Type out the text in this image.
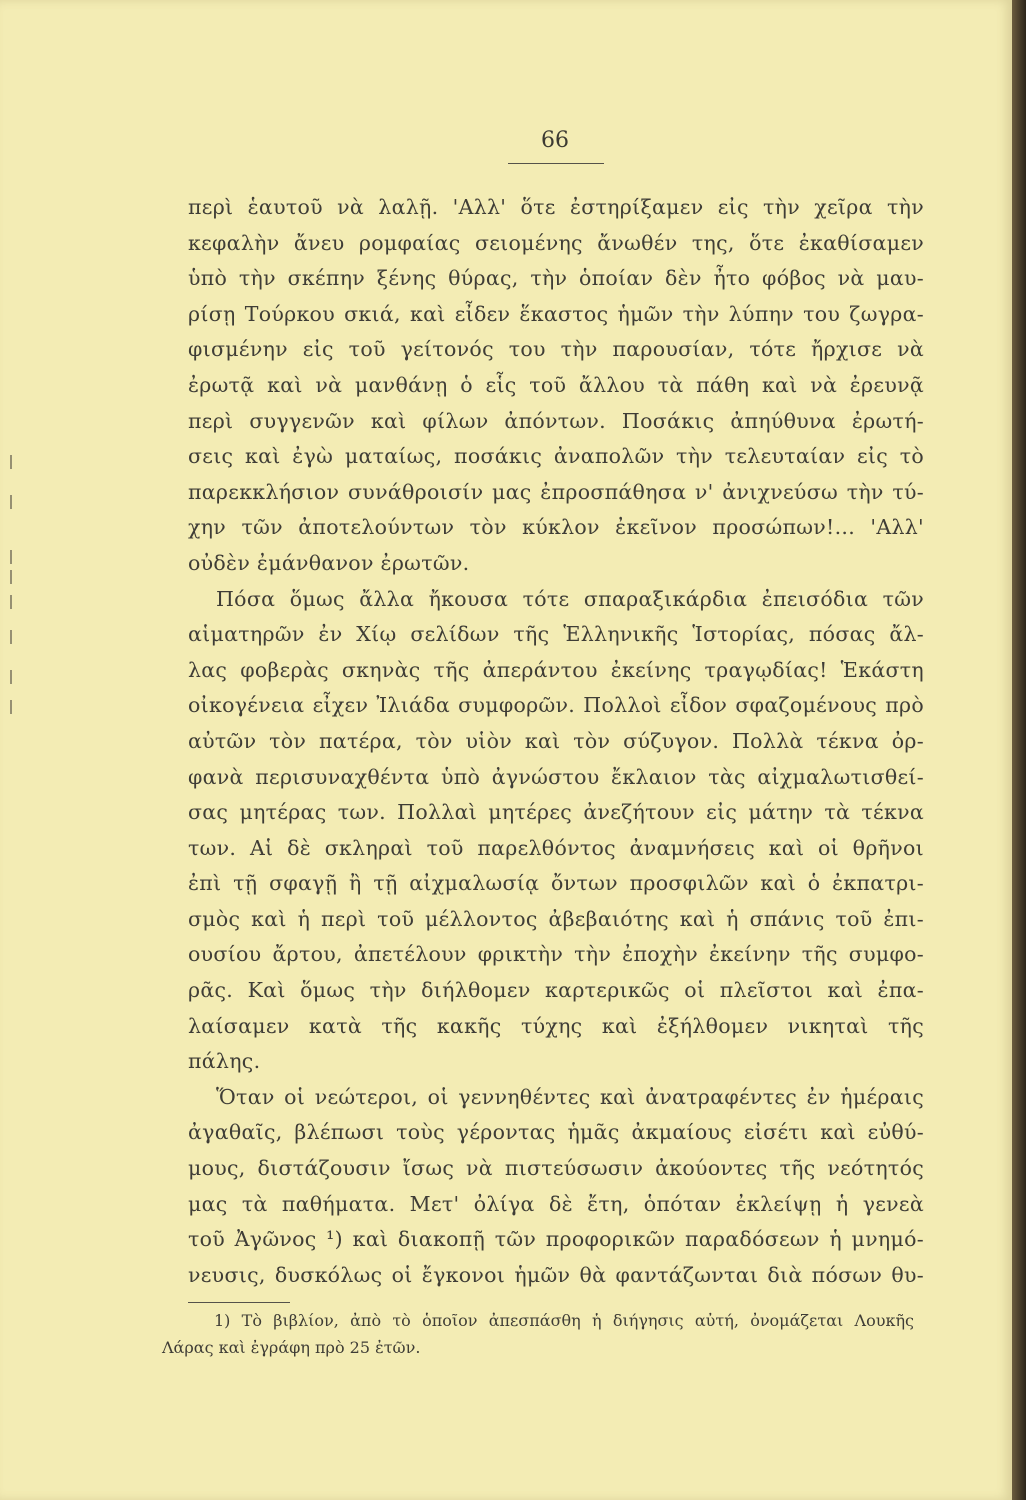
66
περὶ ἑαυτοῦ νὰ λαλῇ. 'Αλλ' ὅτε ἐστηρίξαμεν εἰς τὴν χεῖρα τὴν
κεφαλὴν ἄνευ ρομφαίας σειομένης ἄνωθέν της, ὅτε ἐκαθίσαμεν
ὑπὸ τὴν σκέπην ξένης θύρας, τὴν ὁποίαν δὲν ἦτο φόβος νὰ μαυ-
ρίσῃ Τούρκου σκιά, καὶ εἶδεν ἕκαστος ἡμῶν τὴν λύπην του ζωγρα-
φισμένην εἰς τοῦ γείτονός του τὴν παρουσίαν, τότε ἤρχισε νὰ
ἐρωτᾷ καὶ νὰ μανθάνῃ ὁ εἷς τοῦ ἄλλου τὰ πάθη καὶ νὰ ἐρευνᾷ
περὶ συγγενῶν καὶ φίλων ἀπόντων. Ποσάκις ἀπηύθυνα ἐρωτή-
σεις καὶ ἐγὼ ματαίως, ποσάκις ἀναπολῶν τὴν τελευταίαν εἰς τὸ
παρεκκλήσιον συνάθροισίν μας ἐπροσπάθησα ν' ἀνιχνεύσω τὴν τύ-
χην τῶν ἀποτελούντων τὸν κύκλον ἐκεῖνον προσώπων!... 'Αλλ'
οὐδὲν ἐμάνθανον ἐρωτῶν.
Πόσα ὅμως ἄλλα ἤκουσα τότε σπαραξικάρδια ἐπεισόδια τῶν
αἱματηρῶν ἐν Χίῳ σελίδων τῆς Ἑλληνικῆς Ἱστορίας, πόσας ἄλ-
λας φοβερὰς σκηνὰς τῆς ἀπεράντου ἐκείνης τραγῳδίας! Ἑκάστη
οἰκογένεια εἶχεν Ἰλιάδα συμφορῶν. Πολλοὶ εἶδον σφαζομένους πρὸ
αὐτῶν τὸν πατέρα, τὸν υἱὸν καὶ τὸν σύζυγον. Πολλὰ τέκνα ὀρ-
φανὰ περισυναχθέντα ὑπὸ ἀγνώστου ἔκλαιον τὰς αἰχμαλωτισθεί-
σας μητέρας των. Πολλαὶ μητέρες ἀνεζήτουν εἰς μάτην τὰ τέκνα
των. Αἱ δὲ σκληραὶ τοῦ παρελθόντος ἀναμνήσεις καὶ οἱ θρῆνοι
ἐπὶ τῇ σφαγῇ ἢ τῇ αἰχμαλωσίᾳ ὄντων προσφιλῶν καὶ ὁ ἐκπατρι-
σμὸς καὶ ἡ περὶ τοῦ μέλλοντος ἀβεβαιότης καὶ ἡ σπάνις τοῦ ἐπι-
ουσίου ἄρτου, ἀπετέλουν φρικτὴν τὴν ἐποχὴν ἐκείνην τῆς συμφο-
ρᾶς. Καὶ ὅμως τὴν διήλθομεν καρτερικῶς οἱ πλεῖστοι καὶ ἐπα-
λαίσαμεν κατὰ τῆς κακῆς τύχης καὶ ἐξήλθομεν νικηταὶ τῆς
πάλης.
Ὅταν οἱ νεώτεροι, οἱ γεννηθέντες καὶ ἀνατραφέντες ἐν ἡμέραις
ἀγαθαῖς, βλέπωσι τοὺς γέροντας ἡμᾶς ἀκμαίους εἰσέτι καὶ εὐθύ-
μους, διστάζουσιν ἴσως νὰ πιστεύσωσιν ἀκούοντες τῆς νεότητός
μας τὰ παθήματα. Μετ' ὀλίγα δὲ ἔτη, ὁπόταν ἐκλείψῃ ἡ γενεὰ
τοῦ Ἀγῶνος ¹) καὶ διακοπῇ τῶν προφορικῶν παραδόσεων ἡ μνημό-
νευσις, δυσκόλως οἱ ἔγκονοι ἡμῶν θὰ φαντάζωνται διὰ πόσων θυ-
1) Τὸ βιβλίον, ἀπὸ τὸ ὁποῖον ἀπεσπάσθη ἡ διήγησις αὐτή, ὀνομάζεται Λουκῆς
Λάρας καὶ ἐγράφη πρὸ 25 ἐτῶν.
